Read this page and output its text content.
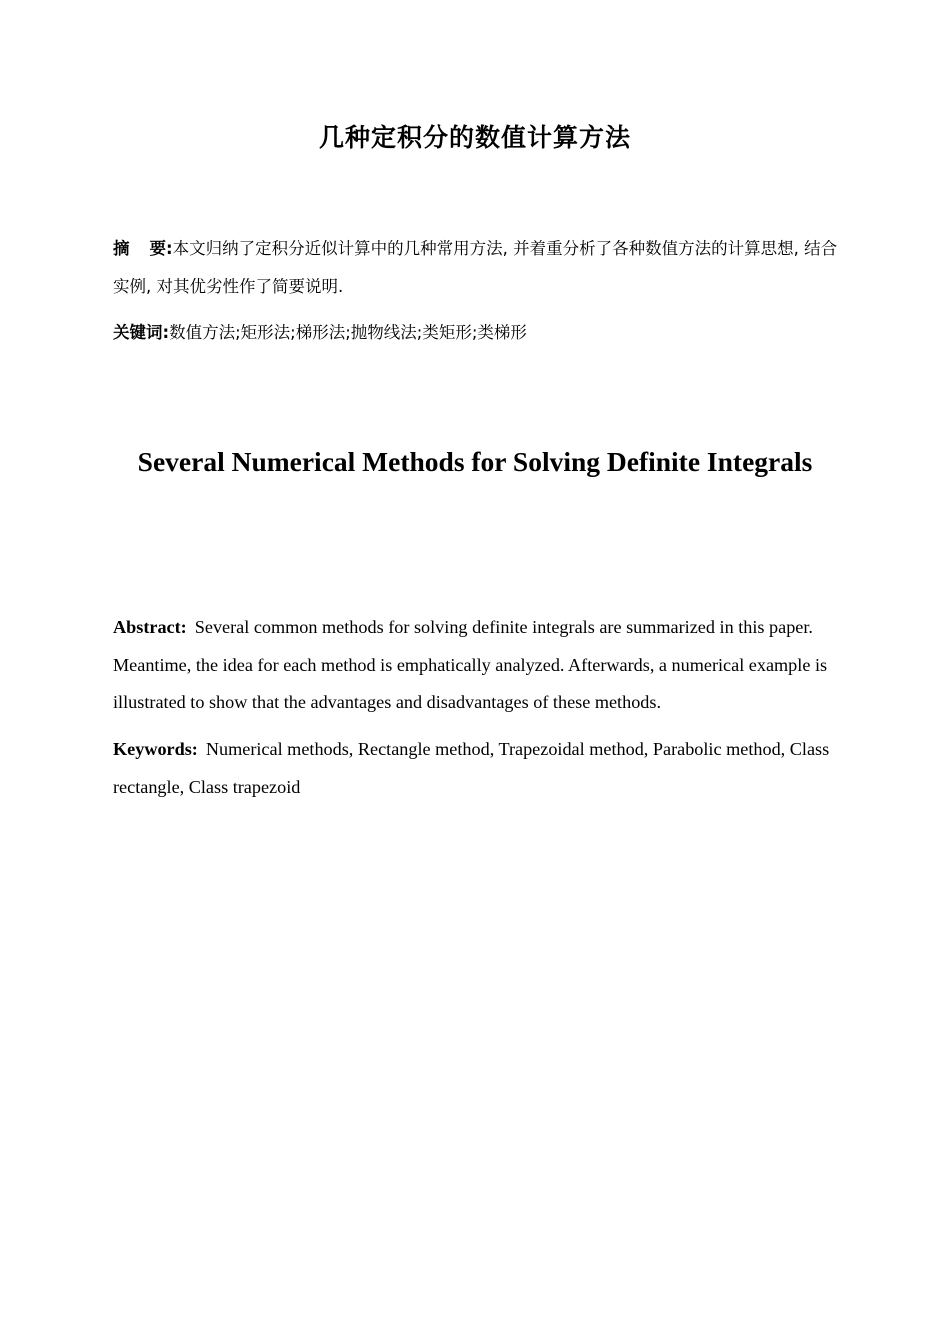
几种定积分的数值计算方法

摘 要:本文归纳了定积分近似计算中的几种常用方法, 并着重分析了各种数值方法的计算思想, 结合实例, 对其优劣性作了简要说明.

关键词:数值方法;矩形法;梯形法;抛物线法;类矩形;类梯形

Several Numerical Methods for Solving Definite Integrals

Abstract: Several common methods for solving definite integrals are summarized in this paper. Meantime, the idea for each method is emphatically analyzed. Afterwards, a numerical example is illustrated to show that the advantages and disadvantages of these methods.

Keywords: Numerical methods, Rectangle method, Trapezoidal method, Parabolic method, Class rectangle, Class trapezoid
